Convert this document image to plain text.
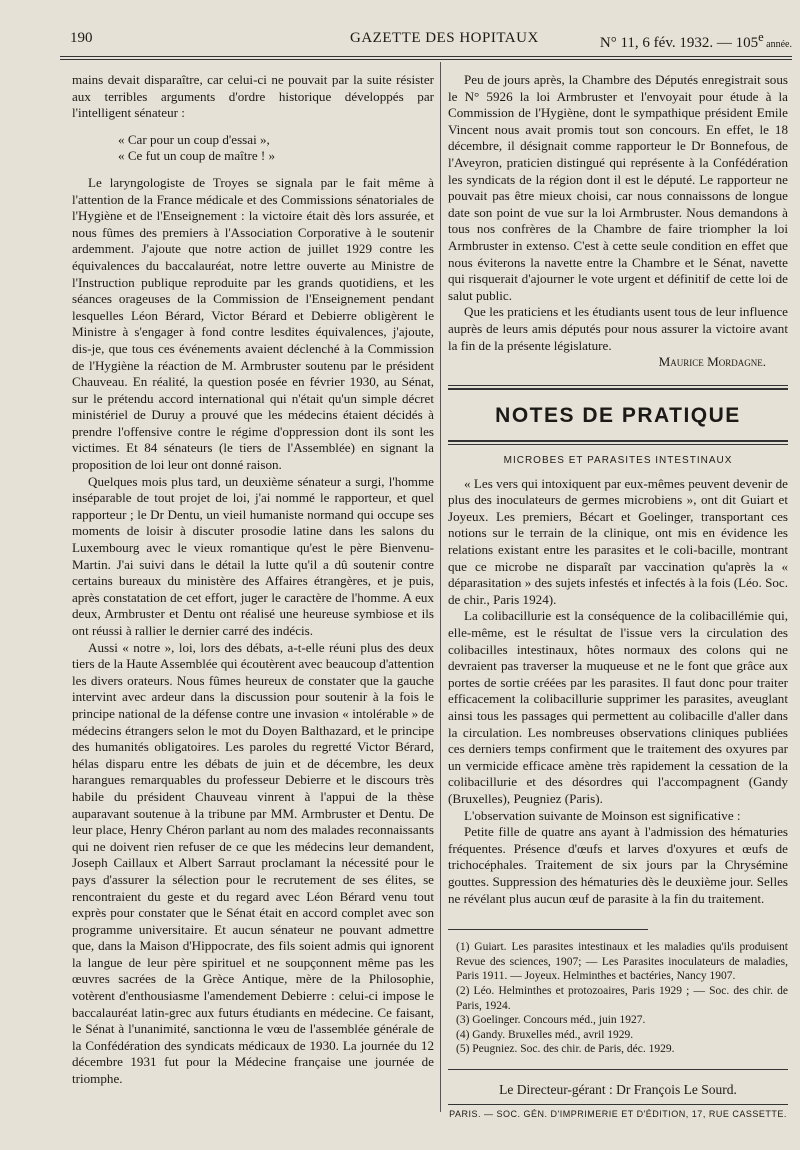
190	GAZETTE DES HOPITAUX	N° 11, 6 fév. 1932. — 105e année.

mains devait disparaître, car celui-ci ne pouvait par la suite résister aux terribles arguments d'ordre historique développés par l'intelligent sénateur :

« Car pour un coup d'essai »,

« Ce fut un coup de maître ! »

Le laryngologiste de Troyes se signala par le fait même à l'attention de la France médicale et des Commissions sénatoriales de l'Hygiène et de l'Enseignement : la victoire était dès lors assurée, et nous fûmes des premiers à l'Association Corporative à le soutenir ardemment. J'ajoute que notre action de juillet 1929 contre les équivalences du baccalauréat, notre lettre ouverte au Ministre de l'Instruction publique reproduite par les grands quotidiens, et les séances orageuses de la Commission de l'Enseignement pendant lesquelles Léon Bérard, Victor Bérard et Debierre obligèrent le Ministre à s'engager à fond contre lesdites équivalences, j'ajoute, dis-je, que tous ces événements avaient déclenché à la Commission de l'Hygiène la réaction de M. Armbruster soutenu par le président Chauveau. En réalité, la question posée en février 1930, au Sénat, sur le prétendu accord international qui n'était qu'un simple décret ministériel de Duruy a prouvé que les médecins étaient décidés à prendre l'offensive contre le régime d'oppression dont ils sont les victimes. Et 84 sénateurs (le tiers de l'Assemblée) en signant la proposition de loi leur ont donné raison.

Quelques mois plus tard, un deuxième sénateur a surgi, l'homme inséparable de tout projet de loi, j'ai nommé le rapporteur, et quel rapporteur ; le Dr Dentu, un vieil humaniste normand qui occupe ses moments de loisir à discuter prosodie latine dans les salons du Luxembourg avec le vieux romantique qu'est le père Bienvenu-Martin. J'ai suivi dans le détail la lutte qu'il a dû soutenir contre certains bureaux du ministère des Affaires étrangères, et je puis, après constatation de cet effort, juger le caractère de l'homme. A eux deux, Armbruster et Dentu ont réalisé une heureuse symbiose et ils ont réussi à rallier le dernier carré des indécis.

Aussi « notre », loi, lors des débats, a-t-elle réuni plus des deux tiers de la Haute Assemblée qui écoutèrent avec beaucoup d'attention les divers orateurs. Nous fûmes heureux de constater que la gauche intervint avec ardeur dans la discussion pour soutenir à la fois le principe national de la défense contre une invasion « intolérable » de médecins étrangers selon le mot du Doyen Balthazard, et le principe des humanités obligatoires. Les paroles du regretté Victor Bérard, hélas disparu entre les débats de juin et de décembre, les deux harangues remarquables du professeur Debierre et le discours très habile du président Chauveau vinrent à l'appui de la thèse auparavant soutenue à la tribune par MM. Armbruster et Dentu. De leur place, Henry Chéron parlant au nom des malades reconnaissants qui ne doivent rien refuser de ce que les médecins leur demandent, Joseph Caillaux et Albert Sarraut proclamant la nécessité pour le pays d'assurer la sélection pour le recrutement de ses élites, se rencontraient du geste et du regard avec Léon Bérard venu tout exprès pour constater que le Sénat était en accord complet avec son programme universitaire. Et aucun sénateur ne pouvant admettre que, dans la Maison d'Hippocrate, des fils soient admis qui ignorent la langue de leur père spirituel et ne soupçonnent même pas les œuvres sacrées de la Grèce Antique, mère de la Philosophie, votèrent d'enthousiasme l'amendement Debierre : celui-ci impose le baccalauréat latin-grec aux futurs étudiants en médecine. Ce faisant, le Sénat à l'unanimité, sanctionna le vœu de l'assemblée générale de la Confédération des syndicats médicaux de 1930. La journée du 12 décembre 1931 fut pour la Médecine française une journée de triomphe.

Peu de jours après, la Chambre des Députés enregistrait sous le N° 5926 la loi Armbruster et l'envoyait pour étude à la Commission de l'Hygiène, dont le sympathique président Emile Vincent nous avait promis tout son concours. En effet, le 18 décembre, il désignait comme rapporteur le Dr Bonnefous, de l'Aveyron, praticien distingué qui représente à la Confédération les syndicats de la région dont il est le député. Le rapporteur ne pouvait pas être mieux choisi, car nous connaissons de longue date son point de vue sur la loi Armbruster. Nous demandons à tous nos confrères de la Chambre de faire triompher la loi Armbruster in extenso. C'est à cette seule condition en effet que nous éviterons la navette entre la Chambre et le Sénat, navette qui risquerait d'ajourner le vote urgent et définitif de cette loi de salut public.

Que les praticiens et les étudiants usent tous de leur influence auprès de leurs amis députés pour nous assurer la victoire avant la fin de la présente législature.

Maurice Mordagne.

NOTES DE PRATIQUE
MICROBES ET PARASITES INTESTINAUX

« Les vers qui intoxiquent par eux-mêmes peuvent devenir de plus des inoculateurs de germes microbiens », ont dit Guiart et Joyeux. Les premiers, Bécart et Goelinger, transportant ces notions sur le terrain de la clinique, ont mis en évidence les relations existant entre les parasites et le coli-bacille, montrant que ce microbe ne disparaît par vaccination qu'après la « déparasitation » des sujets infestés et infectés à la fois (Léo. Soc. de chir., Paris 1924).

La colibacillurie est la conséquence de la colibacillémie qui, elle-même, est le résultat de l'issue vers la circulation des colibacilles intestinaux, hôtes normaux des colons qui ne devraient pas traverser la muqueuse et ne le font que grâce aux portes de sortie créées par les parasites. Il faut donc pour traiter efficacement la colibacillurie supprimer les parasites, aveuglant ainsi tous les passages qui permettent au colibacille d'aller dans la circulation. Les nombreuses observations cliniques publiées ces derniers temps confirment que le traitement des oxyures par un vermicide efficace amène très rapidement la cessation de la colibacillurie et des désordres qui l'accompagnent (Gandy (Bruxelles), Peugniez (Paris).

L'observation suivante de Moinson est significative :

Petite fille de quatre ans ayant à l'admission des hématuries fréquentes. Présence d'œufs et larves d'oxyures et œufs de trichocéphales. Traitement de six jours par la Chrysémine gouttes. Suppression des hématuries dès le deuxième jour. Selles ne révélant plus aucun œuf de parasite à la fin du traitement.

(1) Guiart. Les parasites intestinaux et les maladies qu'ils produisent Revue des sciences, 1907; — Les Parasites inoculateurs de maladies, Paris 1911. — Joyeux. Helminthes et bactéries, Nancy 1907.

(2) Léo. Helminthes et protozoaires, Paris 1929 ; — Soc. des chir. de Paris, 1924.

(3) Goelinger. Concours méd., juin 1927.

(4) Gandy. Bruxelles méd., avril 1929.

(5) Peugniez. Soc. des chir. de Paris, déc. 1929.

Le Directeur-gérant : Dr François Le Sourd.

PARIS. — SOC. GÉN. D'IMPRIMERIE ET D'ÉDITION, 17, RUE CASSETTE.
